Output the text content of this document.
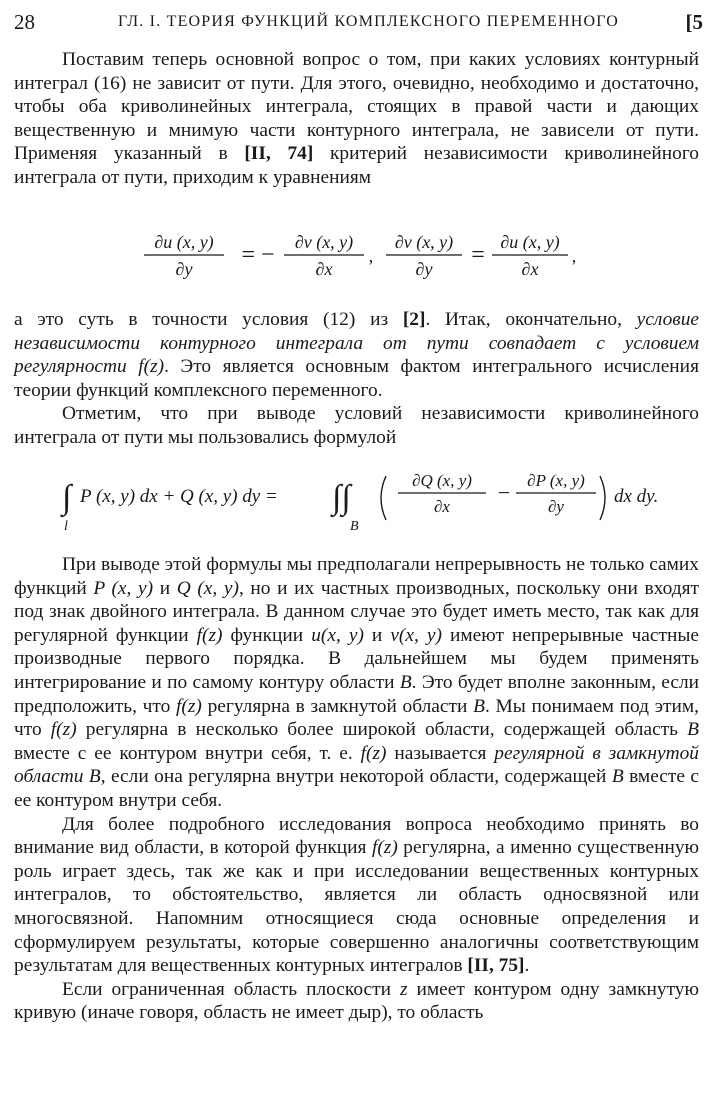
28	ГЛ. I. ТЕОРИЯ ФУНКЦИЙ КОМПЛЕКСНОГО ПЕРЕМЕННОГО	[5

Поставим теперь основной вопрос о том, при каких условиях контурный интеграл (16) не зависит от пути. Для этого, очевидно, необходимо и достаточно, чтобы оба криволинейных интеграла, стоящих в правой части и дающих вещественную и мнимую части контурного интеграла, не зависели от пути. Применяя указанный в [II, 74] критерий независимости криволинейного интеграла от пути, приходим к уравнениям

∂u (x, y)
∂y
= − ∂v (x, y)
∂x
,
∂v (x, y)
∂y
= ∂u (x, y)
∂x
,

а это суть в точности условия (12) из [2]. Итак, окончательно, условие независимости контурного интеграла от пути совпадает с условием регулярности f(z). Это является основным фактом интегрального исчисления теории функций комплексного переменного.

Отметим, что при выводе условий независимости криволинейного интеграла от пути мы пользовались формулой

∫
l
P (x, y) dx + Q (x, y) dy = ∫∫
B
∂Q (x, y)
∂x
− ∂P (x, y)
∂y	dx dy.

При выводе этой формулы мы предполагали непрерывность не только самих функций P (x, y) и Q (x, y), но и их частных производных, поскольку они входят под знак двойного интеграла. В данном случае это будет иметь место, так как для регулярной функции f(z) функции u(x, y) и v(x, y) имеют непрерывные частные производные первого порядка. В дальнейшем мы будем применять интегрирование и по самому контуру области B. Это будет вполне законным, если предположить, что f(z) регулярна в замкнутой области B. Мы понимаем под этим, что f(z) регулярна в несколько более широкой области, содержащей область B вместе с ее контуром внутри себя, т. е. f(z) называется регулярной в замкнутой области B, если она регулярна внутри некоторой области, содержащей B вместе с ее контуром внутри себя.

Для более подробного исследования вопроса необходимо принять во внимание вид области, в которой функция f(z) регулярна, а именно существенную роль играет здесь, так же как и при исследовании вещественных контурных интегралов, то обстоятельство, является ли область односвязной или многосвязной. Напомним относящиеся сюда основные определения и сформулируем результаты, которые совершенно аналогичны соответствующим результатам для вещественных контурных интегралов [II, 75].

Если ограниченная область плоскости z имеет контуром одну замкнутую кривую (иначе говоря, область не имеет дыр), то область
